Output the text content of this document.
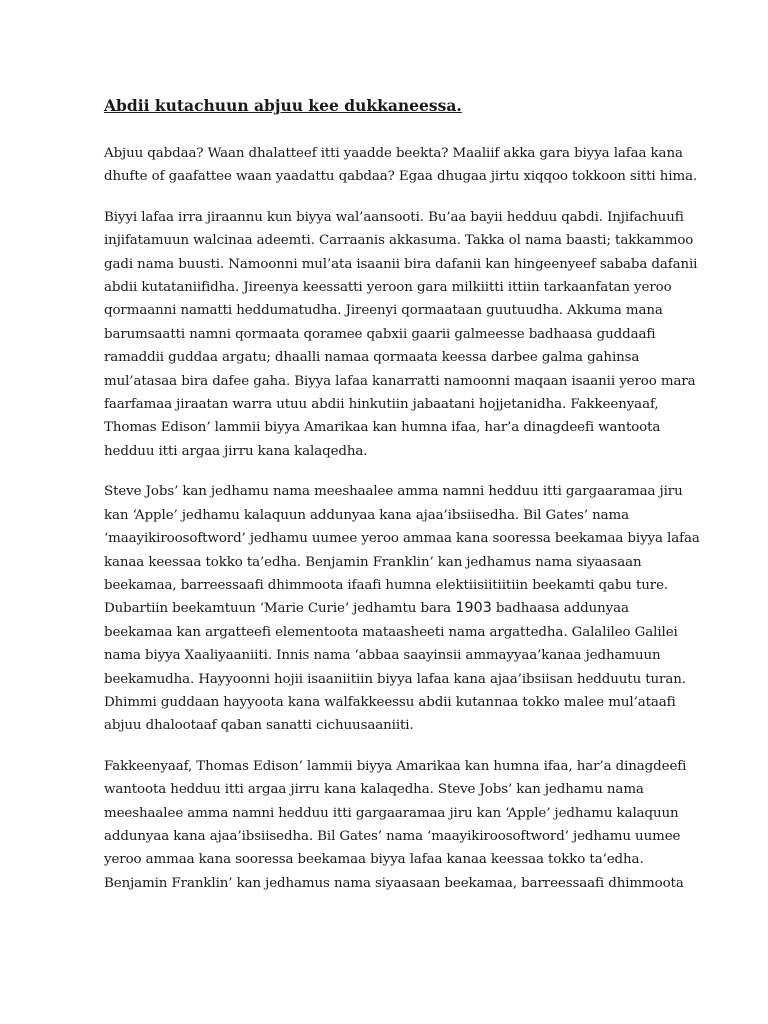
Abdii kutachuun abjuu kee dukkaneessa.

Abjuu qabdaa? Waan dhalatteef itti yaadde beekta? Maaliif akka gara biyya lafaa kana
dhufte of gaafattee waan yaadattu qabdaa? Egaa dhugaa jirtu xiqqoo tokkoon sitti hima.

Biyyi lafaa irra jiraannu kun biyya wal’aansooti. Bu’aa bayii hedduu qabdi. Injifachuufi
injifatamuun walcinaa adeemti. Carraanis akkasuma. Takka ol nama baasti; takkammoo
gadi nama buusti. Namoonni mul’ata isaanii bira dafanii kan hingeenyeef sababa dafanii
abdii kutataniifidha. Jireenya keessatti yeroon gara milkiitti ittiin tarkaanfatan yeroo
qormaanni namatti heddumatudha. Jireenyi qormaataan guutuudha. Akkuma mana
barumsaatti namni qormaata qoramee qabxii gaarii galmeesse badhaasa guddaafi
ramaddii guddaa argatu; dhaalli namaa qormaata keessa darbee galma gahinsa
mul’atasaa bira dafee gaha. Biyya lafaa kanarratti namoonni maqaan isaanii yeroo mara
faarfamaa jiraatan warra utuu abdii hinkutiin jabaatani hojjetanidha. Fakkeenyaaf,
Thomas Edison’ lammii biyya Amarikaa kan humna ifaa, har’a dinagdeefi wantoota
hedduu itti argaa jirru kana kalaqedha.

Steve Jobs’ kan jedhamu nama meeshaalee amma namni hedduu itti gargaaramaa jiru
kan ‘Apple’ jedhamu kalaquun addunyaa kana ajaa’ibsiisedha. Bil Gates’ nama
‘maayikiroosoftword’ jedhamu uumee yeroo ammaa kana sooressa beekamaa biyya lafaa
kanaa keessaa tokko ta’edha. Benjamin Franklin’ kan jedhamus nama siyaasaan
beekamaa, barreessaafi dhimmoota ifaafi humna elektiisiitiitiin beekamti qabu ture.
Dubartiin beekamtuun ‘Marie Curie’ jedhamtu bara 1903 badhaasa addunyaa
beekamaa kan argatteefi elementoota mataasheeti nama argattedha. Galalileo Galilei
nama biyya Xaaliyaaniiti. Innis nama ‘abbaa saayinsii ammayyaa’kanaa jedhamuun
beekamudha. Hayyoonni hojii isaaniitiin biyya lafaa kana ajaa’ibsiisan hedduutu turan.
Dhimmi guddaan hayyoota kana walfakkeessu abdii kutannaa tokko malee mul’ataafi
abjuu dhalootaaf qaban sanatti cichuusaaniiti.

Fakkeenyaaf, Thomas Edison’ lammii biyya Amarikaa kan humna ifaa, har’a dinagdeefi
wantoota hedduu itti argaa jirru kana kalaqedha. Steve Jobs’ kan jedhamu nama
meeshaalee amma namni hedduu itti gargaaramaa jiru kan ‘Apple’ jedhamu kalaquun
addunyaa kana ajaa’ibsiisedha. Bil Gates’ nama ‘maayikiroosoftword’ jedhamu uumee
yeroo ammaa kana sooressa beekamaa biyya lafaa kanaa keessaa tokko ta’edha.
Benjamin Franklin’ kan jedhamus nama siyaasaan beekamaa, barreessaafi dhimmoota
